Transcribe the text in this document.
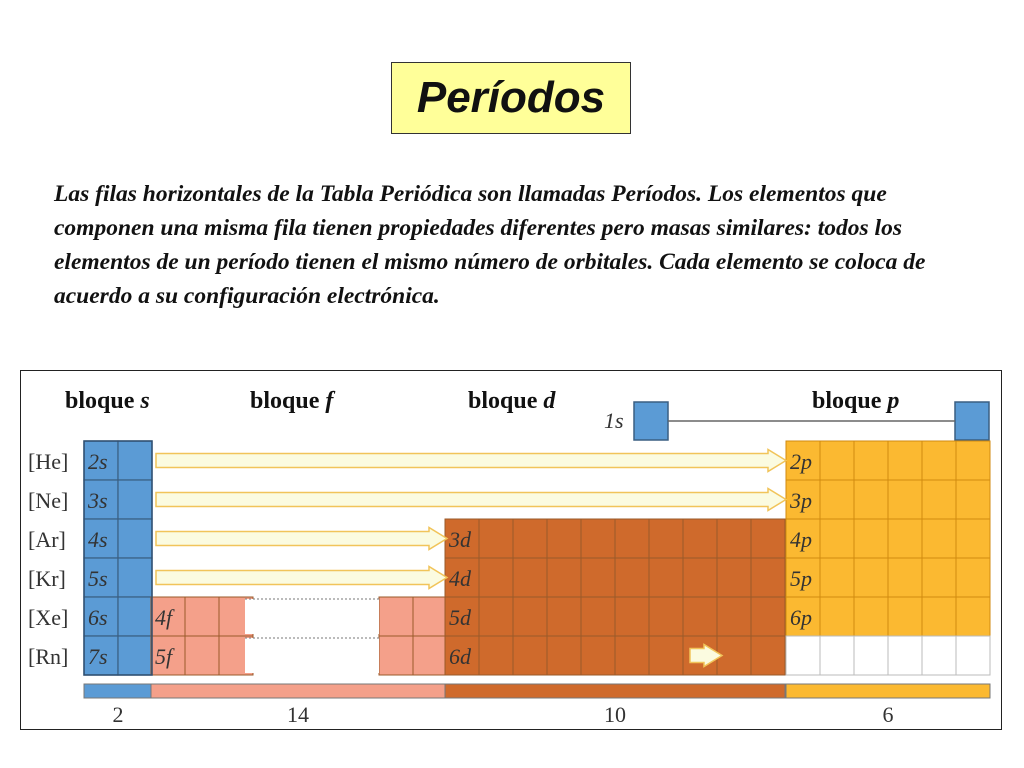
Períodos

Las filas horizontales de la Tabla Periódica son llamadas Períodos. Los elementos que componen una misma fila tienen propiedades diferentes pero masas similares: todos los elementos de un período tienen el mismo número de orbitales. Cada elemento se coloca de acuerdo a su configuración electrónica.

bloque s	bloque f	bloque d	bloque p
1s
[He] 2s	2p
[Ne] 3s	3p
[Ar] 4s	3d	4p
[Kr] 5s	4d	5p
[Xe] 6s 4f	5d	6p
[Rn] 7s 5f	6d
2	14	10	6
